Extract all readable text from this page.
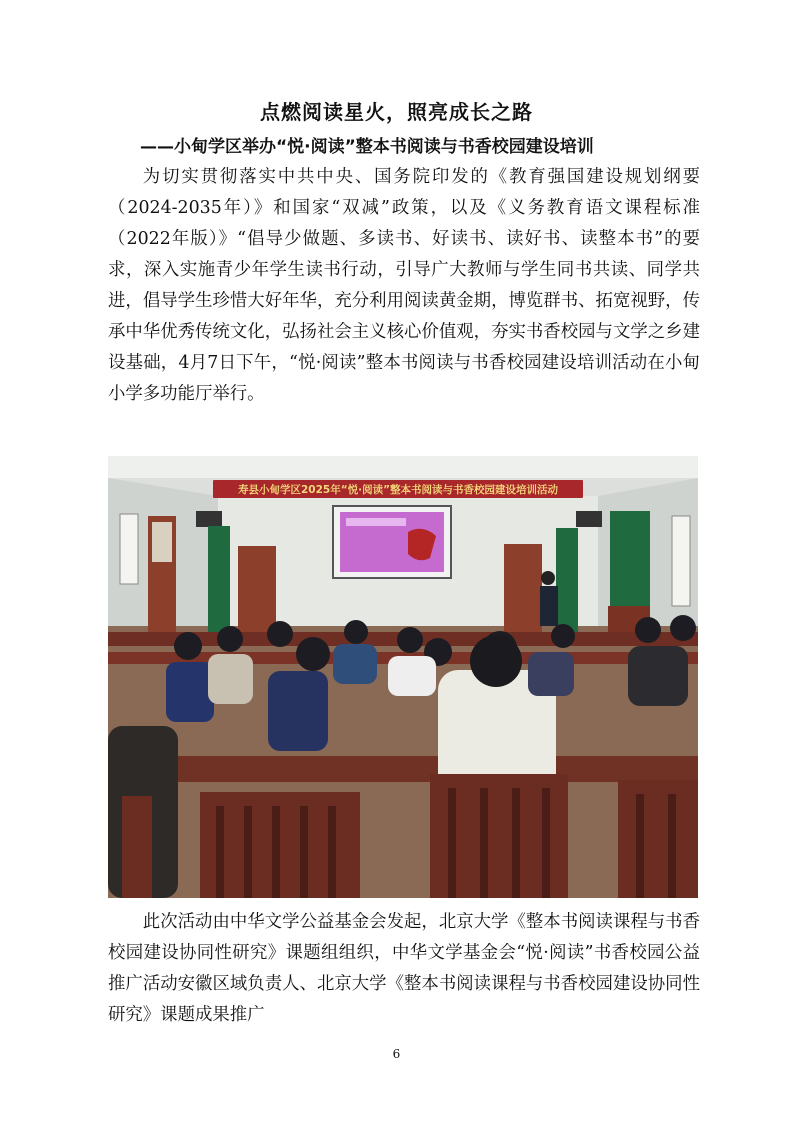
点燃阅读星火，照亮成长之路
——小甸学区举办“悦·阅读”整本书阅读与书香校园建设培训

为切实贯彻落实中共中央、国务院印发的《教育强国建设规划纲要（2024-2035年）》和国家“双减”政策，以及《义务教育语文课程标准（2022年版）》“倡导少做题、多读书、好读书、读好书、读整本书”的要求，深入实施青少年学生读书行动，引导广大教师与学生同书共读、同学共进，倡导学生珍惜大好年华，充分利用阅读黄金期，博览群书、拓宽视野，传承中华优秀传统文化，弘扬社会主义核心价值观，夯实书香校园与文学之乡建设基础，4月7日下午，“悦·阅读”整本书阅读与书香校园建设培训活动在小甸小学多功能厅举行。

寿县小甸学区2025年“悦·阅读”整本书阅读与书香校园建设培训活动

此次活动由中华文学公益基金会发起，北京大学《整本书阅读课程与书香校园建设协同性研究》课题组组织，中华文学基金会“悦·阅读”书香校园公益推广活动安徽区域负责人、北京大学《整本书阅读课程与书香校园建设协同性研究》课题成果推广

6
